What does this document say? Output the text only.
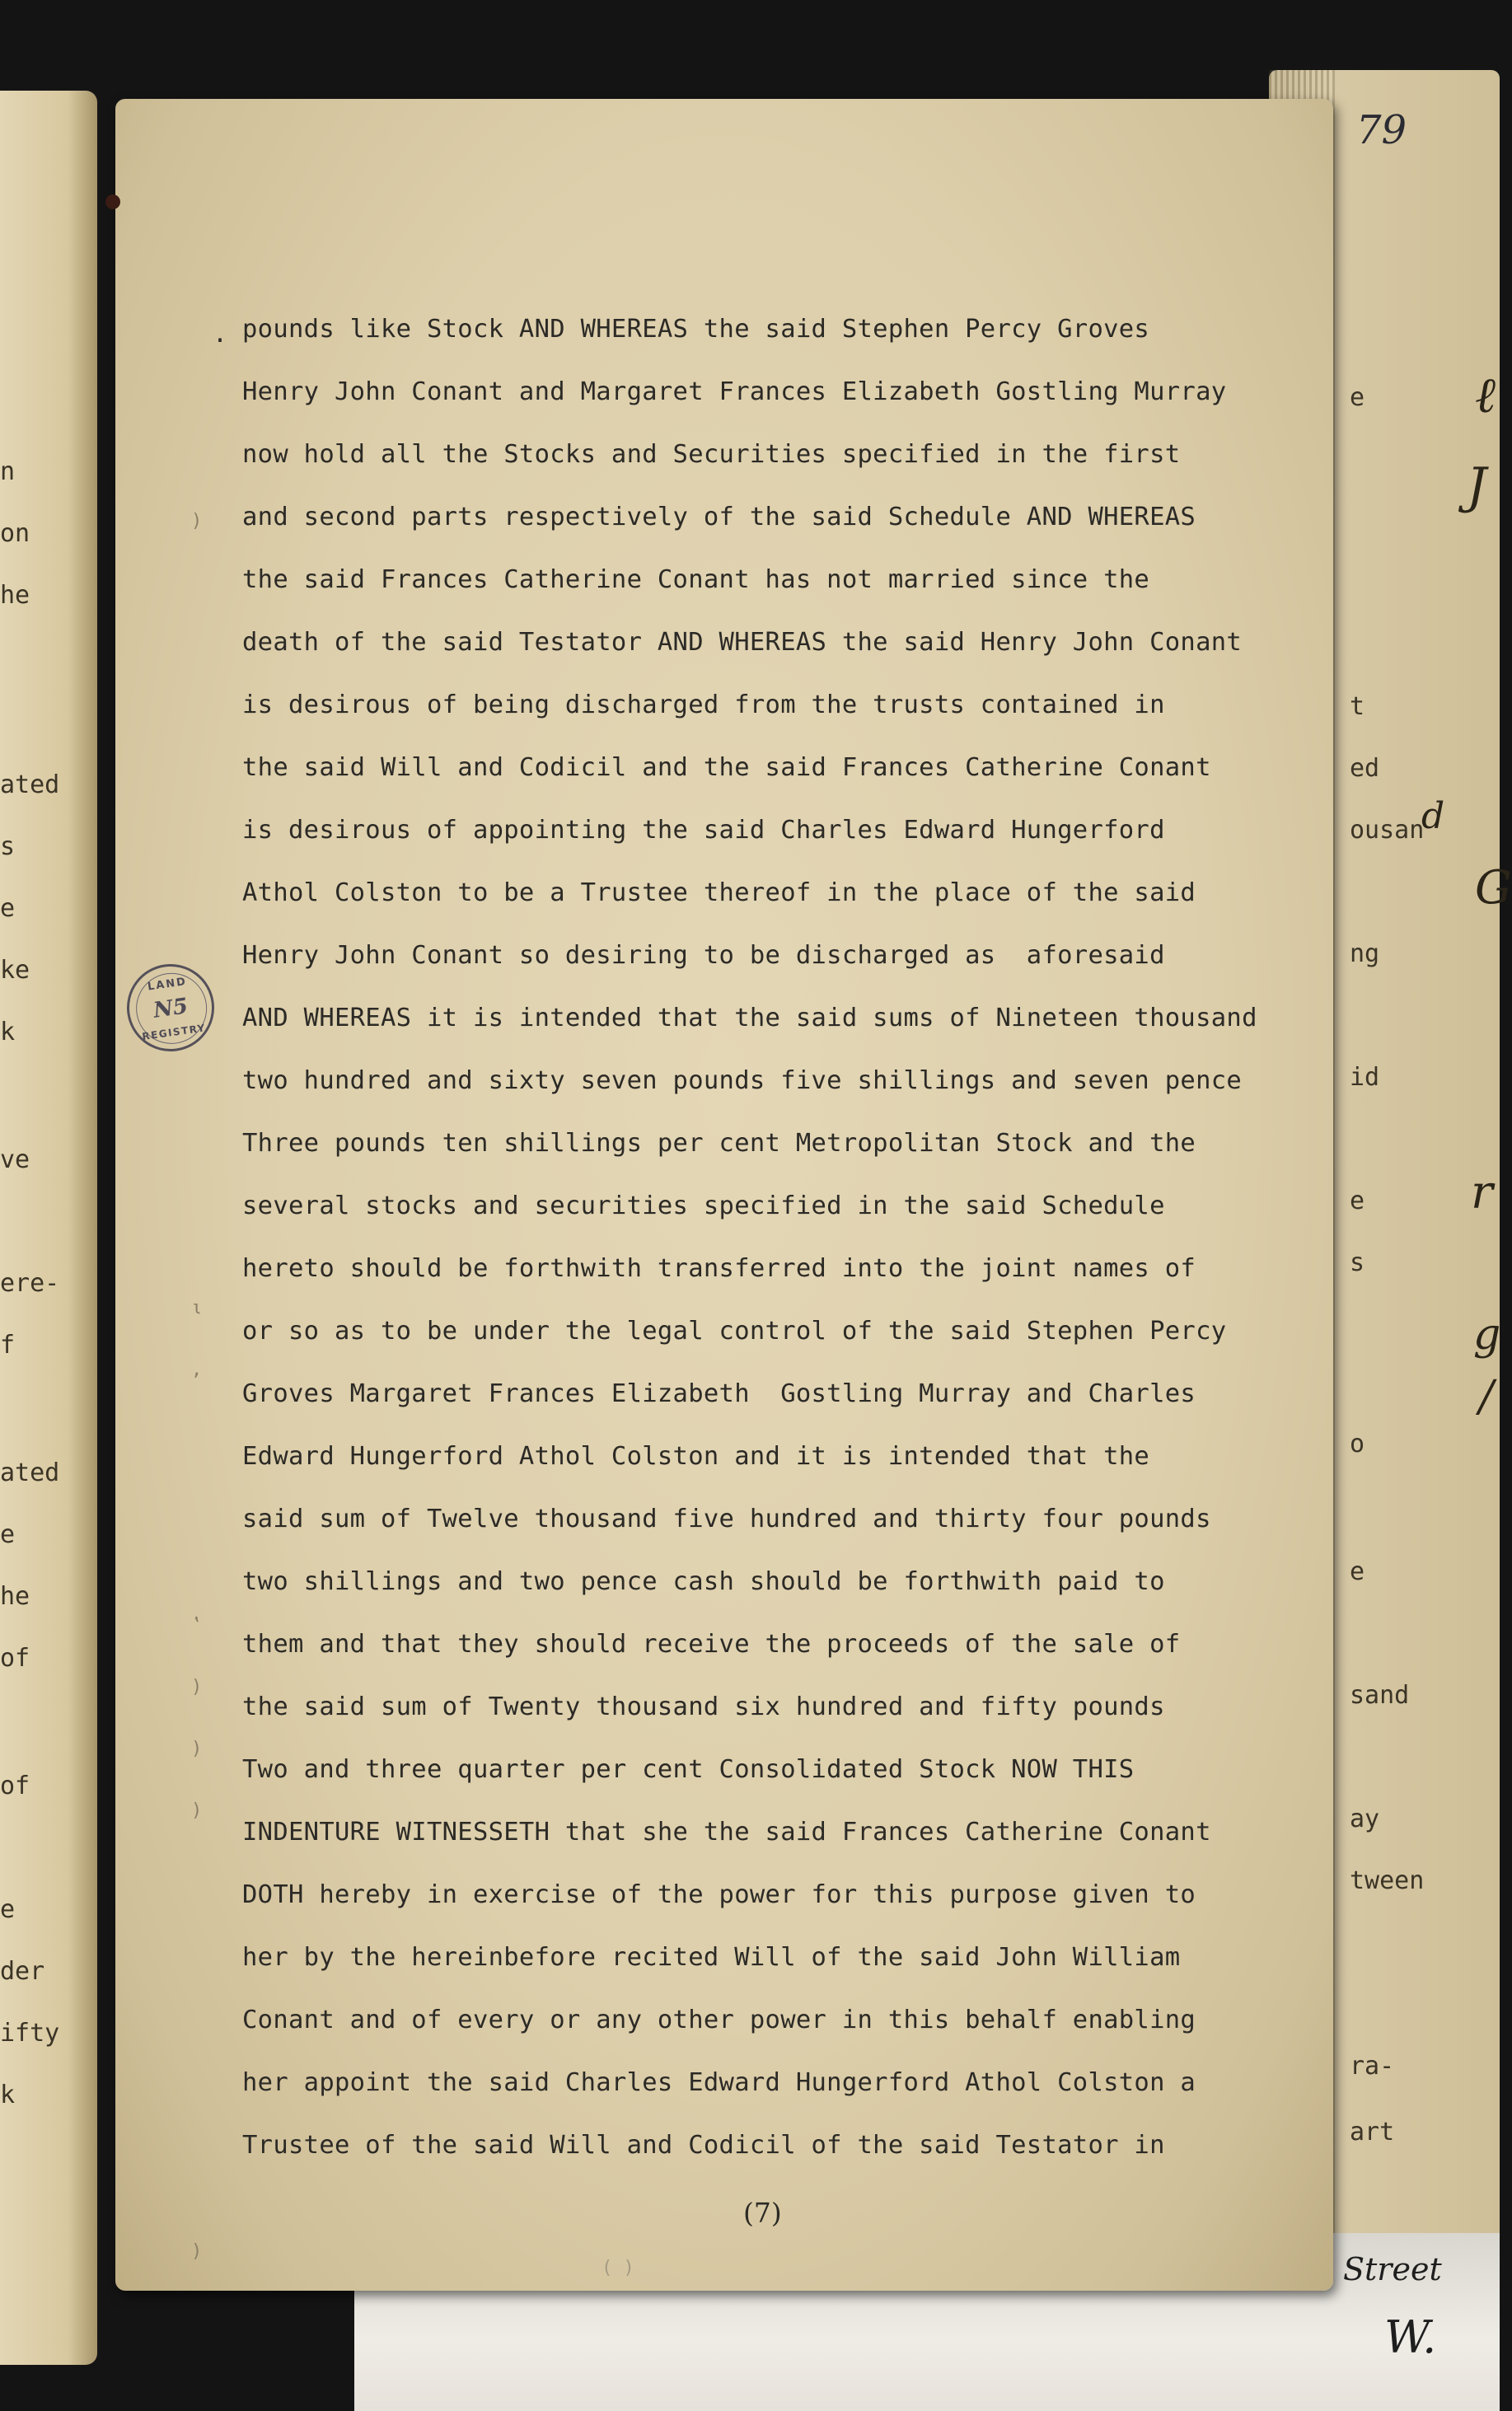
n
on
he
ated
s
e
ke
k
ve
ere-
f
ated
e
he
of
of
e
der
ifty
k
e
t
ed
ousan
ng
id
e
s
o
e
sand
ay
tween
ra-
art
ℓ
J
d
G
r
g
/
Street
W.
79
.
)
ι
‚
‛
)
)
)
)
LAND
N5
REGISTRY
pounds like Stock AND WHEREAS the said Stephen Percy Groves
Henry John Conant and Margaret Frances Elizabeth Gostling Murray
now hold all the Stocks and Securities specified in the first
and second parts respectively of the said Schedule AND WHEREAS
the said Frances Catherine Conant has not married since the
death of the said Testator AND WHEREAS the said Henry John Conant
is desirous of being discharged from the trusts contained in
the said Will and Codicil and the said Frances Catherine Conant
is desirous of appointing the said Charles Edward Hungerford
Athol Colston to be a Trustee thereof in the place of the said
Henry John Conant so desiring to be discharged as  aforesaid
AND WHEREAS it is intended that the said sums of Nineteen thousand
two hundred and sixty seven pounds five shillings and seven pence
Three pounds ten shillings per cent Metropolitan Stock and the
several stocks and securities specified in the said Schedule
hereto should be forthwith transferred into the joint names of
or so as to be under the legal control of the said Stephen Percy
Groves Margaret Frances Elizabeth  Gostling Murray and Charles
Edward Hungerford Athol Colston and it is intended that the
said sum of Twelve thousand five hundred and thirty four pounds
two shillings and two pence cash should be forthwith paid to
them and that they should receive the proceeds of the sale of
the said sum of Twenty thousand six hundred and fifty pounds
Two and three quarter per cent Consolidated Stock NOW THIS
INDENTURE WITNESSETH that she the said Frances Catherine Conant
DOTH hereby in exercise of the power for this purpose given to
her by the hereinbefore recited Will of the said John William
Conant and of every or any other power in this behalf enabling
her appoint the said Charles Edward Hungerford Athol Colston a
Trustee of the said Will and Codicil of the said Testator in
(7)
( )
